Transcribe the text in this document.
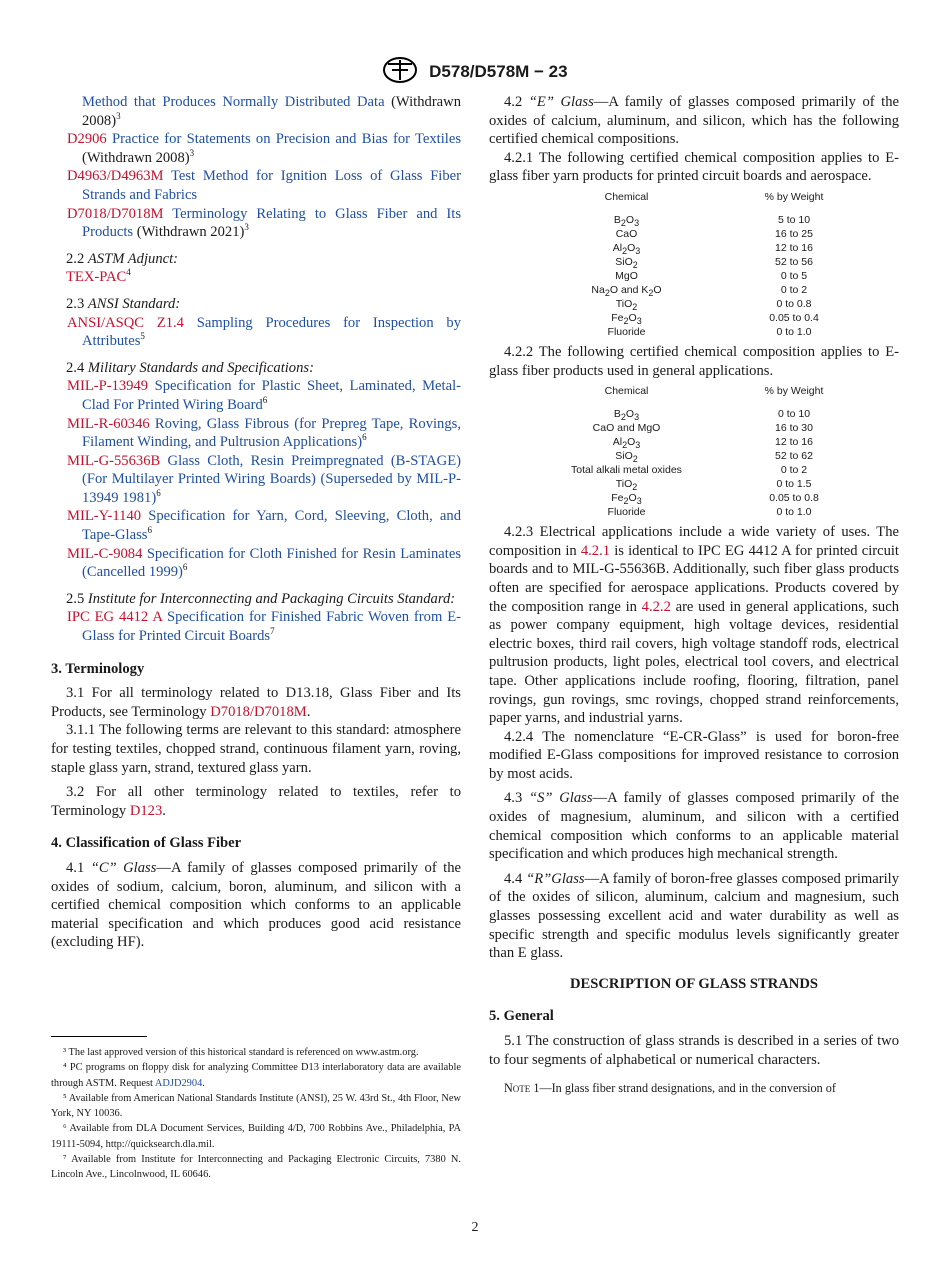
D578/D578M − 23

Method that Produces Normally Distributed Data (Withdrawn 2008)$^3$

D2906 Practice for Statements on Precision and Bias for Textiles (Withdrawn 2008)$^3$

D4963/D4963M Test Method for Ignition Loss of Glass Fiber Strands and Fabrics

D7018/D7018M Terminology Relating to Glass Fiber and Its Products (Withdrawn 2021)$^3$

2.2 ASTM Adjunct:

TEX-PAC$^4$

2.3 ANSI Standard:

ANSI/ASQC Z1.4 Sampling Procedures for Inspection by Attributes$^5$

2.4 Military Standards and Specifications:

MIL-P-13949 Specification for Plastic Sheet, Laminated, Metal-Clad For Printed Wiring Board$^6$

MIL-R-60346 Roving, Glass Fibrous (for Prepreg Tape, Rovings, Filament Winding, and Pultrusion Applications)$^6$

MIL-G-55636B Glass Cloth, Resin Preimpregnated (B-STAGE) (For Multilayer Printed Wiring Boards) (Superseded by MIL-P-13949 1981)$^6$

MIL-Y-1140 Specification for Yarn, Cord, Sleeving, Cloth, and Tape-Glass$^6$

MIL-C-9084 Specification for Cloth Finished for Resin Laminates (Cancelled 1999)$^6$

2.5 Institute for Interconnecting and Packaging Circuits Standard:

IPC EG 4412 A Specification for Finished Fabric Woven from E-Glass for Printed Circuit Boards$^7$

3. Terminology

3.1 For all terminology related to D13.18, Glass Fiber and Its Products, see Terminology D7018/D7018M.

3.1.1 The following terms are relevant to this standard: atmosphere for testing textiles, chopped strand, continuous filament yarn, roving, staple glass yarn, strand, textured glass yarn.

3.2 For all other terminology related to textiles, refer to Terminology D123.

4. Classification of Glass Fiber

4.1 “C” Glass—A family of glasses composed primarily of the oxides of sodium, calcium, boron, aluminum, and silicon with a certified chemical composition which conforms to an applicable material specification and which produces good acid resistance (excluding HF).

³ The last approved version of this historical standard is referenced on www.astm.org.

⁴ PC programs on floppy disk for analyzing Committee D13 interlaboratory data are available through ASTM. Request ADJD2904.

⁵ Available from American National Standards Institute (ANSI), 25 W. 43rd St., 4th Floor, New York, NY 10036.

⁶ Available from DLA Document Services, Building 4/D, 700 Robbins Ave., Philadelphia, PA 19111-5094, http://quicksearch.dla.mil.

⁷ Available from Institute for Interconnecting and Packaging Electronic Circuits, 7380 N. Lincoln Ave., Lincolnwood, IL 60646.

4.2 “E” Glass—A family of glasses composed primarily of the oxides of calcium, aluminum, and silicon, which has the following certified chemical compositions.

4.2.1 The following certified chemical composition applies to E-glass fiber yarn products for printed circuit boards and aerospace.

Chemical	% by Weight

$B_2O_3$	5 to 10
CaO	16 to 25
$Al_2O_3$	12 to 16
SiO$_2$	52 to 56
MgO	0 to 5
$Na_2O$ and $K_2O$	0 to 2
TiO$_2$	0 to 0.8
$Fe_2O_3$	0.05 to 0.4
Fluoride	0 to 1.0

4.2.2 The following certified chemical composition applies to E-glass fiber products used in general applications.

Chemical	% by Weight

$B_2O_3$	0 to 10
CaO and MgO	16 to 30
$Al_2O_3$	12 to 16
SiO$_2$	52 to 62
Total alkali metal oxides	0 to 2
TiO$_2$	0 to 1.5
$Fe_2O_3$	0.05 to 0.8
Fluoride	0 to 1.0

4.2.3 Electrical applications include a wide variety of uses. The composition in 4.2.1 is identical to IPC EG 4412 A for printed circuit boards and to MIL-G-55636B. Additionally, such fiber glass products often are specified for aerospace applications. Products covered by the composition range in 4.2.2 are used in general applications, such as power company equipment, high voltage devices, residential electric boxes, third rail covers, high voltage standoff rods, electrical pultrusion products, light poles, electrical tool covers, and electrical tape. Other applications include roofing, flooring, filtration, panel rovings, gun rovings, smc rovings, chopped strand reinforcements, paper yarns, and industrial yarns.

4.2.4 The nomenclature “E-CR-Glass” is used for boron-free modified E-Glass compositions for improved resistance to corrosion by most acids.

4.3 “S” Glass—A family of glasses composed primarily of the oxides of magnesium, aluminum, and silicon with a certified chemical composition which conforms to an applicable material specification and which produces high mechanical strength.

4.4 “R”Glass—A family of boron-free glasses composed primarily of the oxides of silicon, aluminum, calcium and magnesium, such glasses possessing excellent acid and water durability as well as specific strength and specific modulus levels significantly greater than E glass.

DESCRIPTION OF GLASS STRANDS

5. General

5.1 The construction of glass strands is described in a series of two to four segments of alphabetical or numerical characters.

Note 1—In glass fiber strand designations, and in the conversion of

2
